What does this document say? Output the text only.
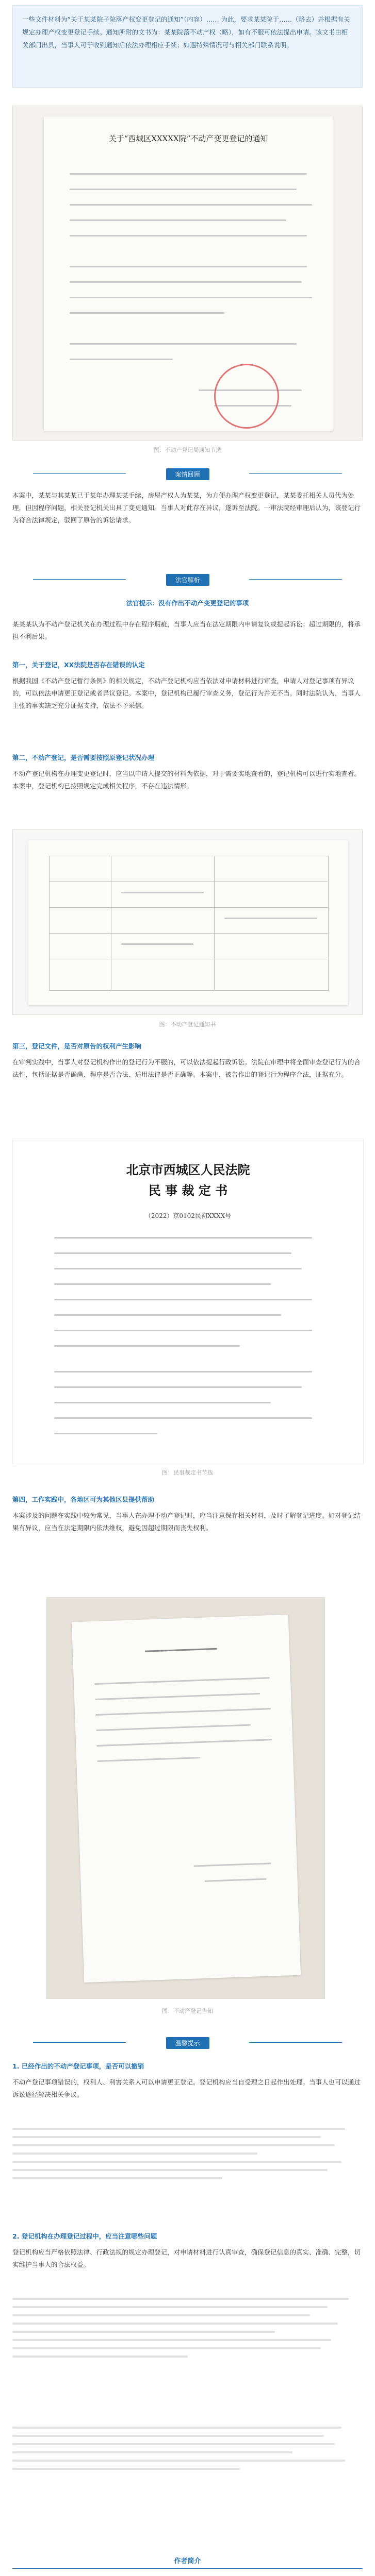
一些文件材料为“关于某某院子院落产权变更登记的通知”（内容）…… 为此，要求某某院于……（略去）并根据有关规定办理产权变更登记手续。通知所附的文书为：某某院落不动产权（略），如有不服可依法提出申请。该文书由相关部门出具，当事人可于收到通知后依法办理相应手续；如遇特殊情况可与相关部门联系说明。
关于“西城区XXXXX院”不动产变更登记的通知
图：不动产登记局通知节选
案情回顾
本案中，某某与其某某已于某年办理某某手续，房屋产权人为某某，为方便办理产权变更登记，某某委托相关人员代为处理，但因程序问题，相关登记机关出具了变更通知。当事人对此存在异议，遂诉至法院。一审法院经审理后认为，该登记行为符合法律规定，驳回了原告的诉讼请求。
法官解析
法官提示：没有作出不动产变更登记的事项
某某某认为不动产登记机关在办理过程中存在程序瑕疵，当事人应当在法定期限内申请复议或提起诉讼；超过期限的，将承担不利后果。
第一，关于登记，XX法院是否存在错误的认定
根据我国《不动产登记暂行条例》的相关规定，不动产登记机构应当依法对申请材料进行审查，申请人对登记事项有异议的，可以依法申请更正登记或者异议登记。本案中，登记机构已履行审查义务，登记行为并无不当。同时法院认为，当事人主张的事实缺乏充分证据支持，依法不予采信。
第二，不动产登记，是否需要按照原登记状况办理
不动产登记机构在办理变更登记时，应当以申请人提交的材料为依据，对于需要实地查看的，登记机构可以进行实地查看。本案中，登记机构已按照规定完成相关程序，不存在违法情形。
图：不动产登记通知书
第三，登记文件，是否对原告的权利产生影响
在审判实践中，当事人对登记机构作出的登记行为不服的，可以依法提起行政诉讼。法院在审理中将全面审查登记行为的合法性，包括证据是否确凿、程序是否合法、适用法律是否正确等。本案中，被告作出的登记行为程序合法，证据充分。
北京市西城区人民法院
民 事 裁 定 书
（2022）京0102民初XXXX号
图：民事裁定书节选
第四，工作实践中，各地区可为其他区县提供帮助
本案涉及的问题在实践中较为常见，当事人在办理不动产登记时，应当注意保存相关材料，及时了解登记进度。如对登记结果有异议，应当在法定期限内依法维权，避免因超过期限而丧失权利。
图：不动产登记告知
温馨提示
1. 已经作出的不动产登记事项，是否可以撤销
不动产登记事项错误的，权利人、利害关系人可以申请更正登记。登记机构应当自受理之日起作出处理。当事人也可以通过诉讼途径解决相关争议。
2. 登记机构在办理登记过程中，应当注意哪些问题
登记机构应当严格依照法律、行政法规的规定办理登记，对申请材料进行认真审查，确保登记信息的真实、准确、完整，切实维护当事人的合法权益。
作者简介
